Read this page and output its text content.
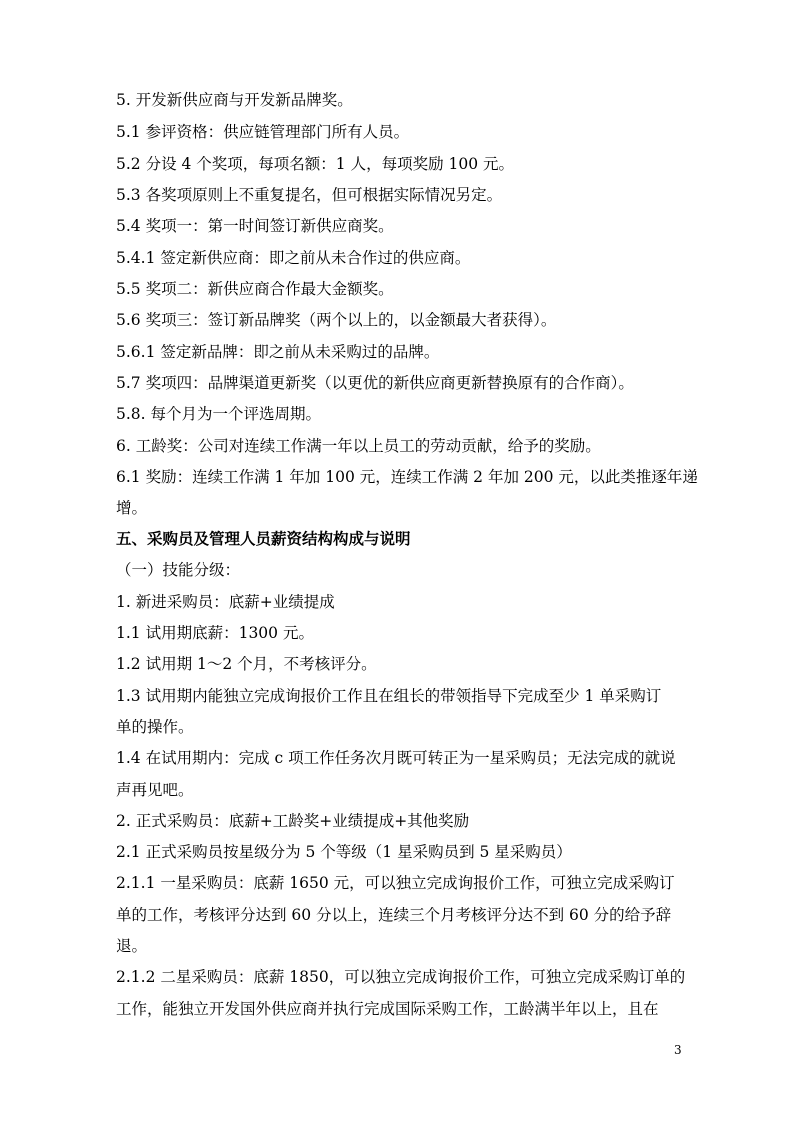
5. 开发新供应商与开发新品牌奖。
5.1 参评资格：供应链管理部门所有人员。
5.2 分设 4 个奖项，每项名额：1 人，每项奖励 100 元。
5.3 各奖项原则上不重复提名，但可根据实际情况另定。
5.4 奖项一：第一时间签订新供应商奖。
5.4.1 签定新供应商：即之前从未合作过的供应商。
5.5 奖项二：新供应商合作最大金额奖。
5.6 奖项三：签订新品牌奖（两个以上的，以金额最大者获得）。
5.6.1 签定新品牌：即之前从未采购过的品牌。
5.7 奖项四：品牌渠道更新奖（以更优的新供应商更新替换原有的合作商）。
5.8. 每个月为一个评选周期。
6. 工龄奖：公司对连续工作满一年以上员工的劳动贡献，给予的奖励。
6.1 奖励：连续工作满 1 年加 100 元，连续工作满 2 年加 200 元，以此类推逐年递
增。
五、采购员及管理人员薪资结构构成与说明
（一）技能分级：
1. 新进采购员：底薪+业绩提成
1.1 试用期底薪：1300 元。
1.2 试用期 1～2 个月，不考核评分。
1.3 试用期内能独立完成询报价工作且在组长的带领指导下完成至少 1 单采购订
单的操作。
1.4 在试用期内：完成 c 项工作任务次月既可转正为一星采购员；无法完成的就说
声再见吧。
2. 正式采购员：底薪+工龄奖+业绩提成+其他奖励
2.1 正式采购员按星级分为 5 个等级（1 星采购员到 5 星采购员）
2.1.1 一星采购员：底薪 1650 元，可以独立完成询报价工作，可独立完成采购订
单的工作，考核评分达到 60 分以上，连续三个月考核评分达不到 60 分的给予辞
退。
2.1.2 二星采购员：底薪 1850，可以独立完成询报价工作，可独立完成采购订单的
工作，能独立开发国外供应商并执行完成国际采购工作，工龄满半年以上，且在
3
